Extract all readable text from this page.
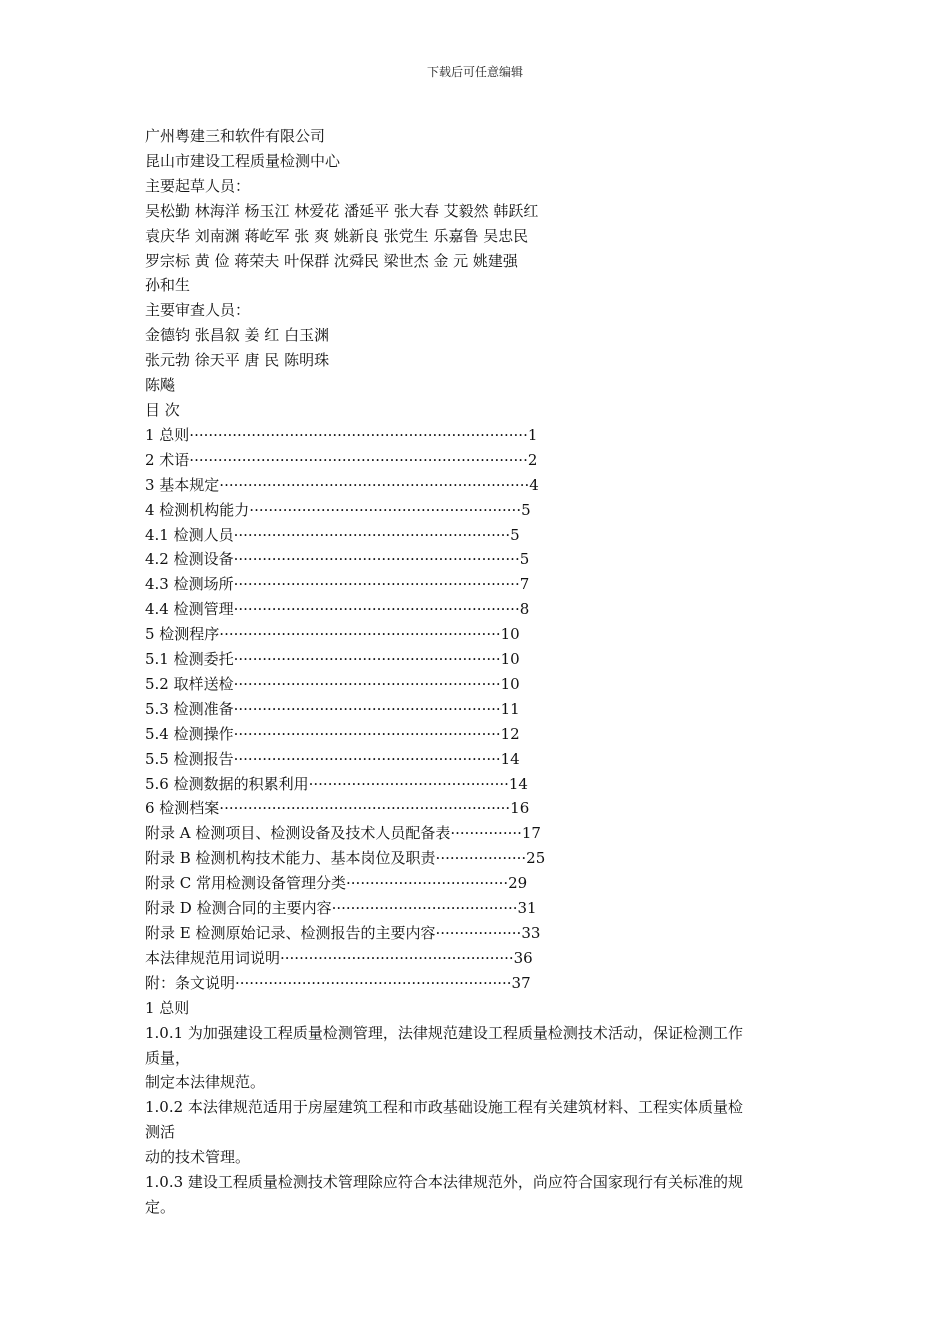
下载后可任意编辑

广州粤建三和软件有限公司

昆山市建设工程质量检测中心

主要起草人员：

吴松勤 林海洋 杨玉江 林爱花 潘延平 张大春 艾毅然 韩跃红

袁庆华 刘南渊 蒋屹军 张 爽 姚新良 张党生 乐嘉鲁 吴忠民

罗宗标 黄 俭 蒋荣夫 叶保群 沈舜民 梁世杰 金 元 姚建强

孙和生

主要审查人员：

金德钧 张昌叙 姜 红 白玉渊

张元勃 徐天平 唐 民 陈明珠

陈飚

目 次

1 总则·······································································1

2 术语·······································································2

3 基本规定·································································4

4 检测机构能力·························································5

4.1 检测人员··························································5

4.2 检测设备····························································5

4.3 检测场所····························································7

4.4 检测管理····························································8

5 检测程序···························································10

5.1 检测委托························································10

5.2 取样送检························································10

5.3 检测准备························································11

5.4 检测操作························································12

5.5 检测报告························································14

5.6 检测数据的积累利用··········································14

6 检测档案·····························································16

附录 A 检测项目、检测设备及技术人员配备表···············17

附录 B 检测机构技术能力、基本岗位及职责···················25

附录 C 常用检测设备管理分类··································29

附录 D 检测合同的主要内容·······································31

附录 E 检测原始记录、检测报告的主要内容··················33

本法律规范用词说明·················································36

附：条文说明··························································37

1 总则

1.0.1 为加强建设工程质量检测管理，法律规范建设工程质量检测技术活动，保证检测工作

质量，

制定本法律规范。

1.0.2 本法律规范适用于房屋建筑工程和市政基础设施工程有关建筑材料、工程实体质量检

测活

动的技术管理。

1.0.3 建设工程质量检测技术管理除应符合本法律规范外，尚应符合国家现行有关标准的规

定。
